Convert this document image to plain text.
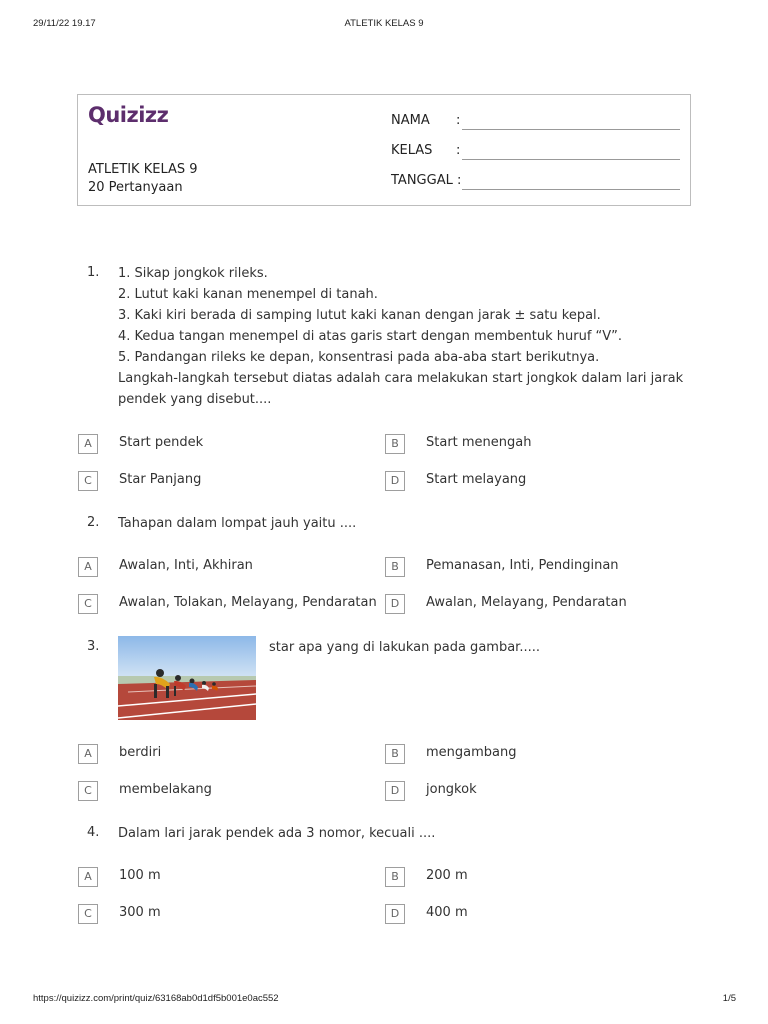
29/11/22 19.17	ATLETIK KELAS 9
Quizizz
ATLETIK KELAS 9
20 Pertanyaan
NAMA :
KELAS :
TANGGAL :
1. 1. Sikap jongkok rileks.
2. Lutut kaki kanan menempel di tanah.
3. Kaki kiri berada di samping lutut kaki kanan dengan jarak ± satu kepal.
4. Kedua tangan menempel di atas garis start dengan membentuk huruf “V”.
5. Pandangan rileks ke depan, konsentrasi pada aba-aba start berikutnya.
Langkah-langkah tersebut diatas adalah cara melakukan start jongkok dalam lari jarak
pendek yang disebut....
A	Start pendek	B	Start menengah
C	Star Panjang	D	Start melayang
2. Tahapan dalam lompat jauh yaitu ....
A	Awalan, Inti, Akhiran	B	Pemanasan, Inti, Pendinginan
C	Awalan, Tolakan, Melayang, Pendaratan	D	Awalan, Melayang, Pendaratan
3.	star apa yang di lakukan pada gambar.....
A	berdiri	B	mengambang
C	membelakang	D	jongkok
4. Dalam lari jarak pendek ada 3 nomor, kecuali ....
A	100 m	B	200 m
C	300 m	D	400 m
https://quizizz.com/print/quiz/63168ab0d1df5b001e0ac552	1/5
